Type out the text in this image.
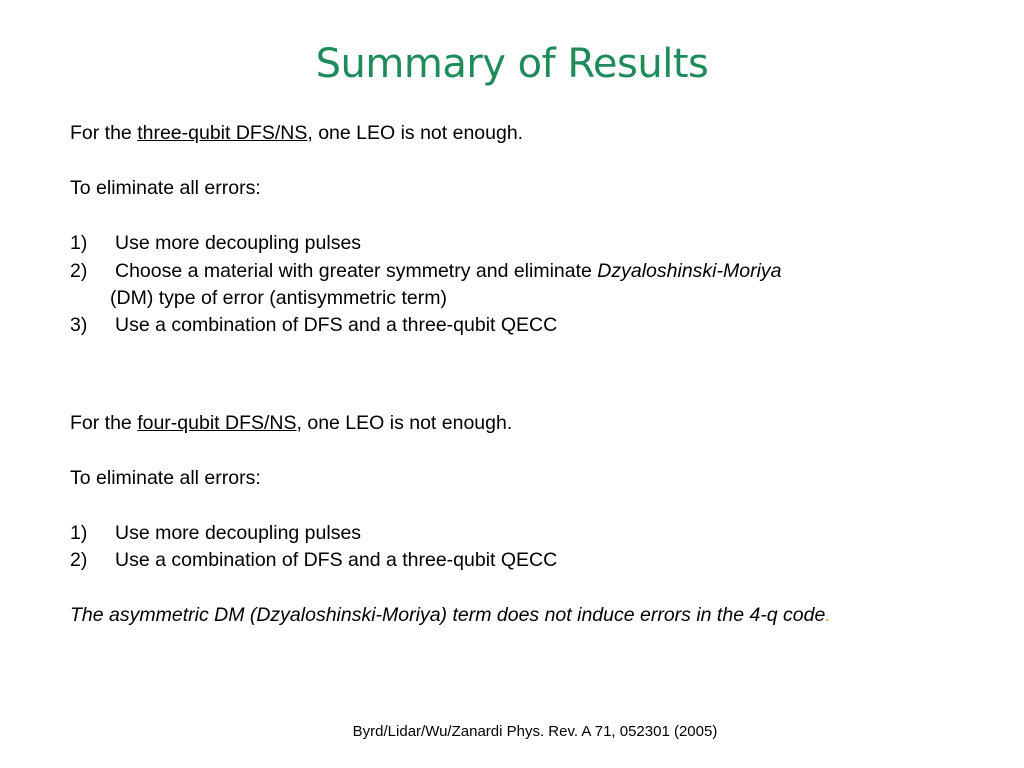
Summary of Results
For the three-qubit DFS/NS, one LEO is not enough.
To eliminate all errors:
1) Use more decoupling pulses
2) Choose a material with greater symmetry and eliminate Dzyaloshinski-Moriya
(DM) type of error (antisymmetric term)
3) Use a combination of DFS and a three-qubit QECC
For the four-qubit DFS/NS, one LEO is not enough.
To eliminate all errors:
1) Use more decoupling pulses
2) Use a combination of DFS and a three-qubit QECC
The asymmetric DM (Dzyaloshinski-Moriya) term does not induce errors in the 4-q code.
Byrd/Lidar/Wu/Zanardi Phys. Rev. A 71, 052301 (2005)
